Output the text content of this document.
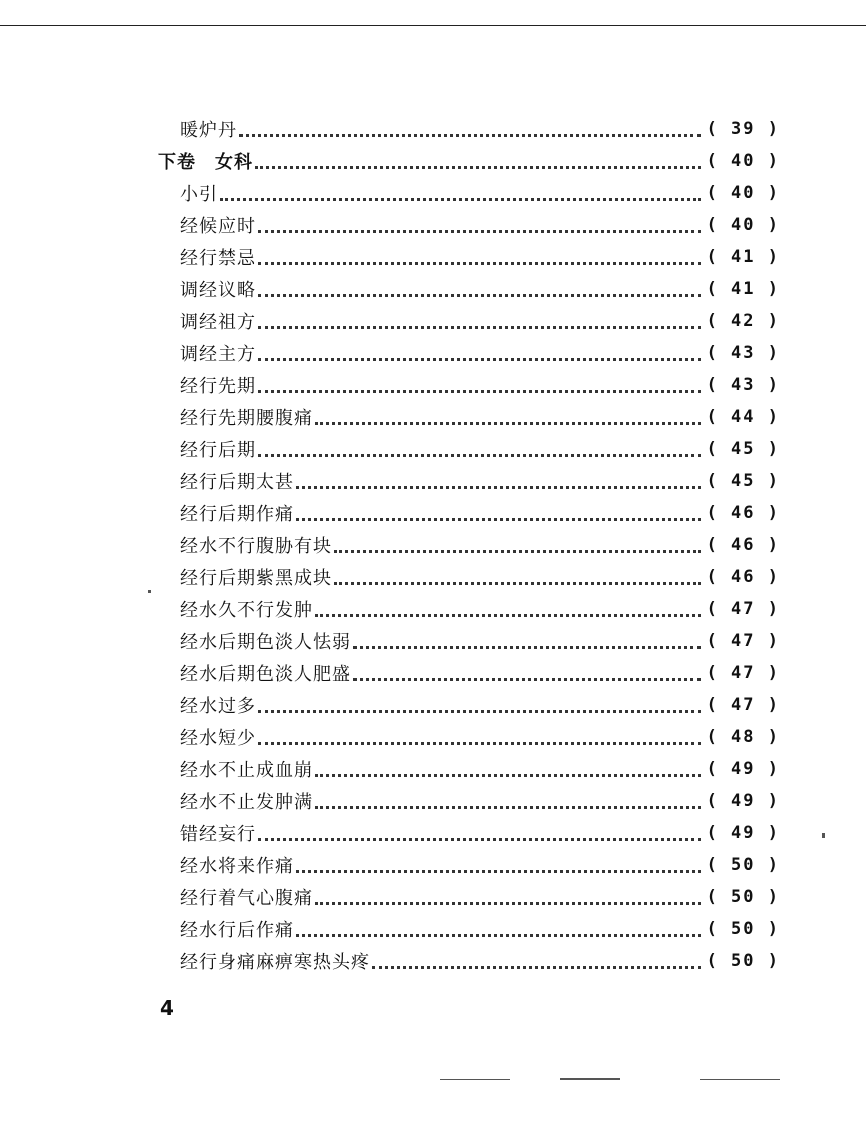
暖炉丹	( 39 )
下卷　女科	( 40 )
小引	( 40 )
经候应时	( 40 )
经行禁忌	( 41 )
调经议略	( 41 )
调经祖方	( 42 )
调经主方	( 43 )
经行先期	( 43 )
经行先期腰腹痛	( 44 )
经行后期	( 45 )
经行后期太甚	( 45 )
经行后期作痛	( 46 )
经水不行腹胁有块	( 46 )
经行后期紫黑成块	( 46 )
经水久不行发肿	( 47 )
经水后期色淡人怯弱	( 47 )
经水后期色淡人肥盛	( 47 )
经水过多	( 47 )
经水短少	( 48 )
经水不止成血崩	( 49 )
经水不止发肿满	( 49 )
错经妄行	( 49 )
经水将来作痛	( 50 )
经行着气心腹痛	( 50 )
经水行后作痛	( 50 )
经行身痛麻痹寒热头疼	( 50 )
4
